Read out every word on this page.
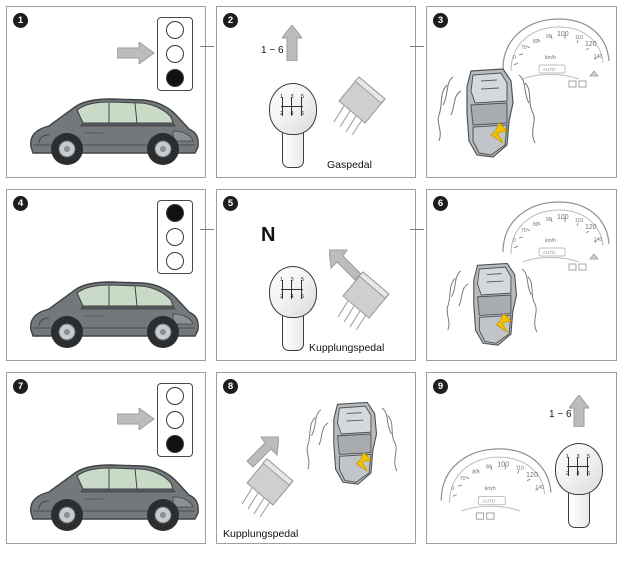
1	2
1 ~ 6
1 3 5
2 4 6
Gaspedal
3
0
70
80
90 100 110
120
140
km/h
AUTO
4	5
N
1 3 5
2 4 6
Kupplungspedal
6
0
70
80
90 100 110
120
140
km/h
AUTO
7	8
Kupplungspedal
9
1 ~ 6
1 3 5
2 4 6
0
70
80
90 100
110
120
140
km/h
AUTO
